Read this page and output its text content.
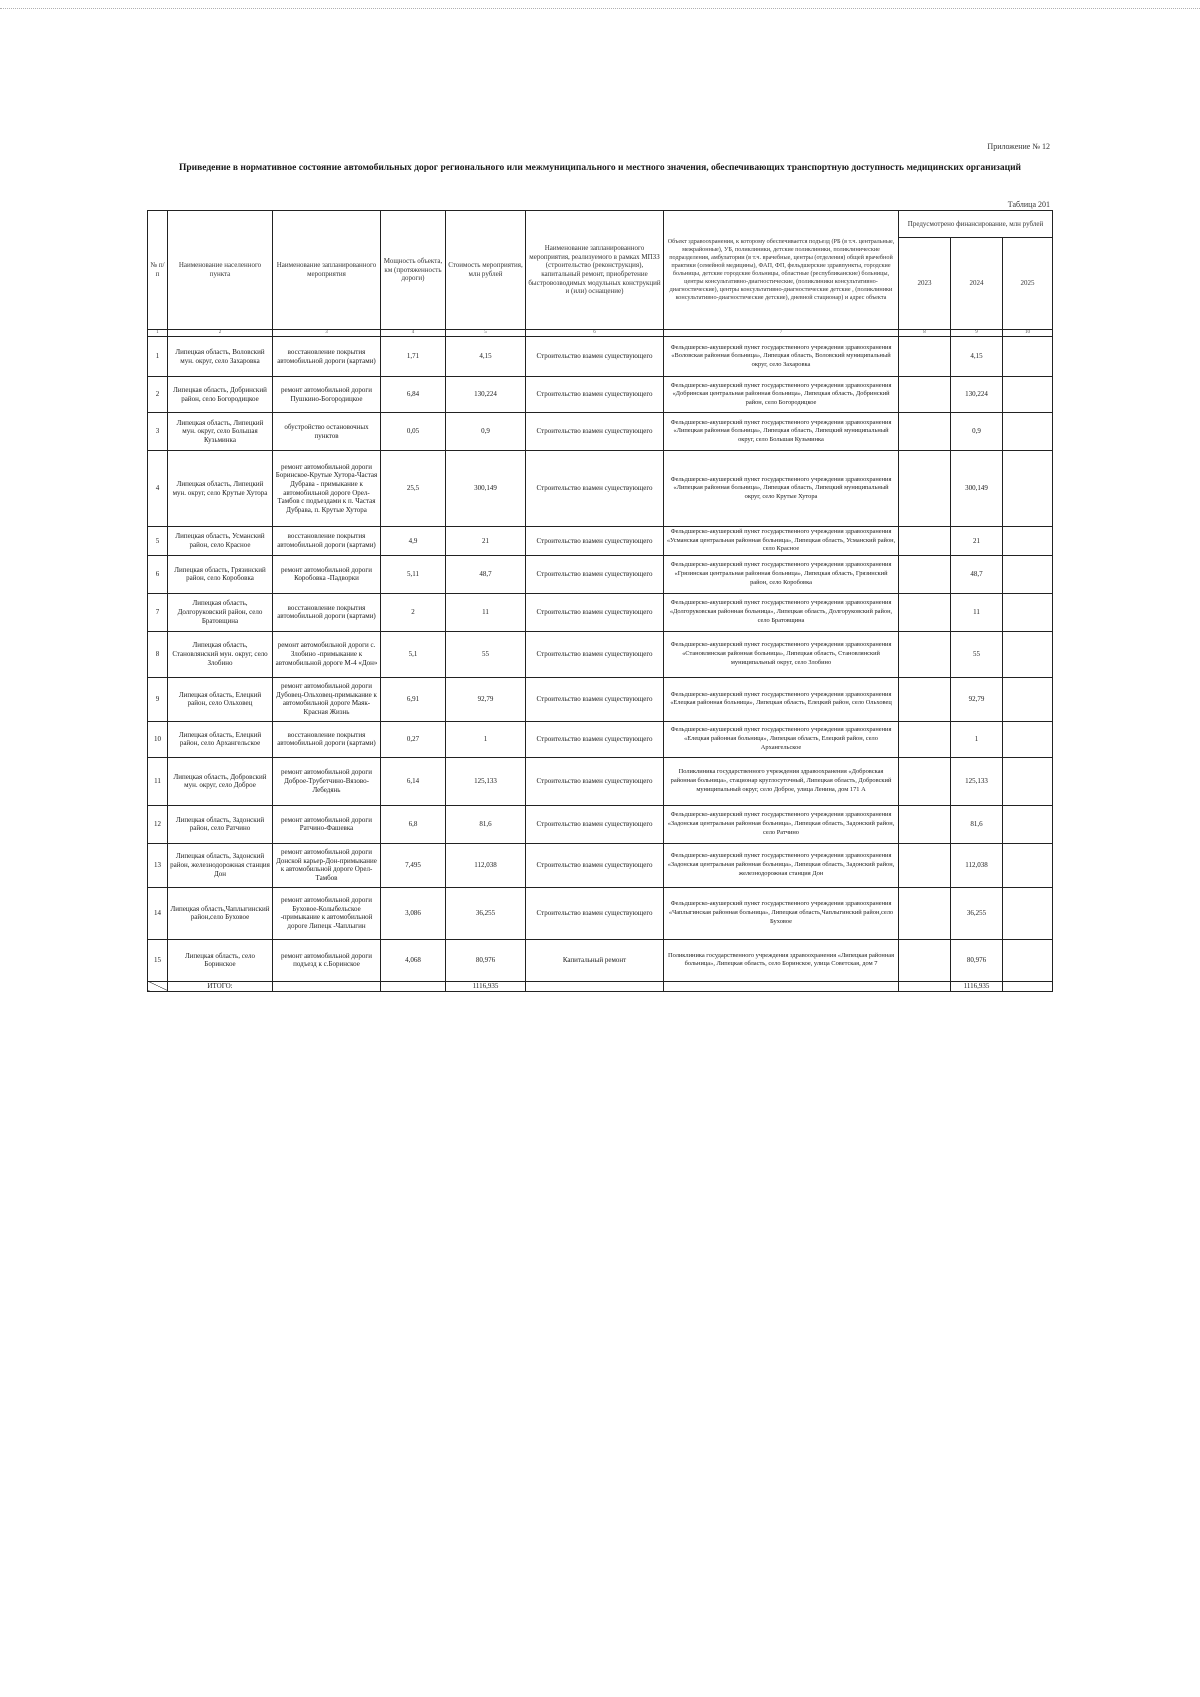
Приложение № 12
Приведение в нормативное состояние автомобильных дорог регионального или межмуниципального и местного значения, обеспечивающих транспортную доступность медицинских организаций
Таблица 201
№ п/п	Наименование населенного пункта	Наименование запланированного мероприятия	Мощность объекта, км (протяженность дороги)	Стоимость мероприятия, млн рублей	Наименование запланированного мероприятия, реализуемого в рамках МПЗЗ (строительство (реконструкция), капитальный ремонт, приобретение быстровозводимых модульных конструкций и (или) оснащение)	Объект здравоохранения, к которому обеспечивается подъезд (РБ (в т.ч. центральные, межрайонные), УБ, поликлиники, детские поликлиники, поликлинические подразделения, амбулатории (в т.ч. врачебные, центры (отделения) общей врачебной практики (семейной медицины), ФАП, ФП, фельдшерские здравпункты, городские больницы, детские городские больницы, областные (республиканские) больницы, центры консультативно-диагностические, (поликлиники консультативно-диагностические), центры консультативно-диагностические детские , (поликлиники консультативно-диагностические детские), дневной стационар) и адрес объекта	Предусмотрено финансирование, млн рублей		
							2023	2024	2025
1	2	3	4	5	6	7	8	9	10
1	Липецкая область, Воловский мун. округ, село Захаровка	восстановление покрытия автомобильной дороги (картами)	1,71	4,15	Строительство взамен существующего	Фельдшерско-акушерский пункт государственного учреждения здравоохранения «Воловская районная больница», Липецкая область, Воловский муниципальный округ, село Захаровка		4,15	
2	Липецкая область, Добринский район, село Богородицкое	ремонт автомобильной дороги Пушкино-Богородицкое	6,84	130,224	Строительство взамен существующего	Фельдшерско-акушерский пункт государственного учреждения здравоохранения «Добринская центральная районная больница», Липецкая область, Добринский район, село Богородицкое		130,224	
3	Липецкая область, Липецкий мун. округ, село Большая Кузьминка	обустройство остановочных пунктов	0,05	0,9	Строительство взамен существующего	Фельдшерско-акушерский пункт государственного учреждения здравоохранения «Липецкая районная больница», Липецкая область, Липецкий муниципальный округ, село Большая Кузьминка		0,9	
4	Липецкая область, Липецкий мун. округ, село Крутые Хутора	ремонт автомобильной дороги Боринское-Крутые Хутора-Частая Дубрава - примыкание к автомобильной дороге Орел-Тамбов с подъездами к п. Частая Дубрава, п. Крутые Хутора	25,5	300,149	Строительство взамен существующего	Фельдшерско-акушерский пункт государственного учреждения здравоохранения «Липецкая районная больница», Липецкая область, Липецкий муниципальный округ, село Крутые Хутора		300,149	
5	Липецкая область, Усманский район, село Красное	восстановление покрытия автомобильной дороги (картами)	4,9	21	Строительство взамен существующего	Фельдшерско-акушерский пункт государственного учреждения здравоохранения «Усманская центральная районная больница», Липецкая область, Усманский район, село Красное		21	
6	Липецкая область, Грязинский район, село Коробовка	ремонт автомобильной дороги Коробовка -Падворки	5,11	48,7	Строительство взамен существующего	Фельдшерско-акушерский пункт государственного учреждения здравоохранения «Грязинская центральная районная больница», Липецкая область, Грязинский район, село Коробовка		48,7	
7	Липецкая область, Долгоруковский район, село Братовщина	восстановление покрытия автомобильной дороги (картами)	2	11	Строительство взамен существующего	Фельдшерско-акушерский пункт государственного учреждения здравоохранения «Долгоруковская районная больница», Липецкая область, Долгоруковский район, село Братовщина		11	
8	Липецкая область, Становлянский мун. округ, село Злобино	ремонт автомобильной дороги с. Злобино -примыкание к автомобильной дороге М-4 «Дон»	5,1	55	Строительство взамен существующего	Фельдшерско-акушерский пункт государственного учреждения здравоохранения «Становлянская районная больница», Липецкая область, Становлянский муниципальный округ, село Злобино		55	
9	Липецкая область, Елецкий район, село Ольховец	ремонт автомобильной дороги Дубовец-Ольховец-примыкание к автомобильной дороге Маяк-Красная Жизнь	6,91	92,79	Строительство взамен существующего	Фельдшерско-акушерский пункт государственного учреждения здравоохранения «Елецкая районная больница», Липецкая область, Елецкий район, село Ольховец		92,79	
10	Липецкая область, Елецкий район, село Архангельское	восстановление покрытия автомобильной дороги (картами)	0,27	1	Строительство взамен существующего	Фельдшерско-акушерский пункт государственного учреждения здравоохранения «Елецкая районная больница», Липецкая область, Елецкий район, село Архангельское		1	
11	Липецкая область, Добровский мун. округ, село Доброе	ремонт автомобильной дороги Доброе-Трубетчино-Вязово-Лебедянь	6,14	125,133	Строительство взамен существующего	Поликлиника государственного учреждения здравоохранения «Добровская районная больница», стационар круглосуточный, Липецкая область, Добровский муниципальный округ, село Доброе, улица Ленина, дом 171 А		125,133	
12	Липецкая область, Задонский район, село Ратчино	ремонт автомобильной дороги Ратчино-Фашевка	6,8	81,6	Строительство взамен существующего	Фельдшерско-акушерский пункт государственного учреждения здравоохранения «Задонская центральная районная больница», Липецкая область, Задонский район, село Ратчино		81,6	
13	Липецкая область, Задонский район, железнодорожная станция Дон	ремонт автомобильной дороги Донской карьер-Дон-примыкание к автомобильной дороге Орел-Тамбов	7,495	112,038	Строительство взамен существующего	Фельдшерско-акушерский пункт государственного учреждения здравоохранения «Задонская центральная районная больница», Липецкая область, Задонский район, железнодорожная станция Дон		112,038	
14	Липецкая область,Чаплыгинский район,село Буховое	ремонт автомобильной дороги Буховое-Колыбельское -примыкание к автомобильной дороге Липецк -Чаплыгин	3,086	36,255	Строительство взамен существующего	Фельдшерско-акушерский пункт государственного учреждения здравоохранения «Чаплыгинская районная больница», Липецкая область,Чаплыгинский район,село Буховое		36,255	
15	Липецкая область, село Боринское	ремонт автомобильной дороги подъезд к с.Боринское	4,068	80,976	Капитальный ремонт	Поликлиника государственного учреждения здравоохранения «Липецкая районная больница», Липецкая область, село Боринское, улица Советская, дом 7		80,976	
	ИТОГО:			1116,935				1116,935	
